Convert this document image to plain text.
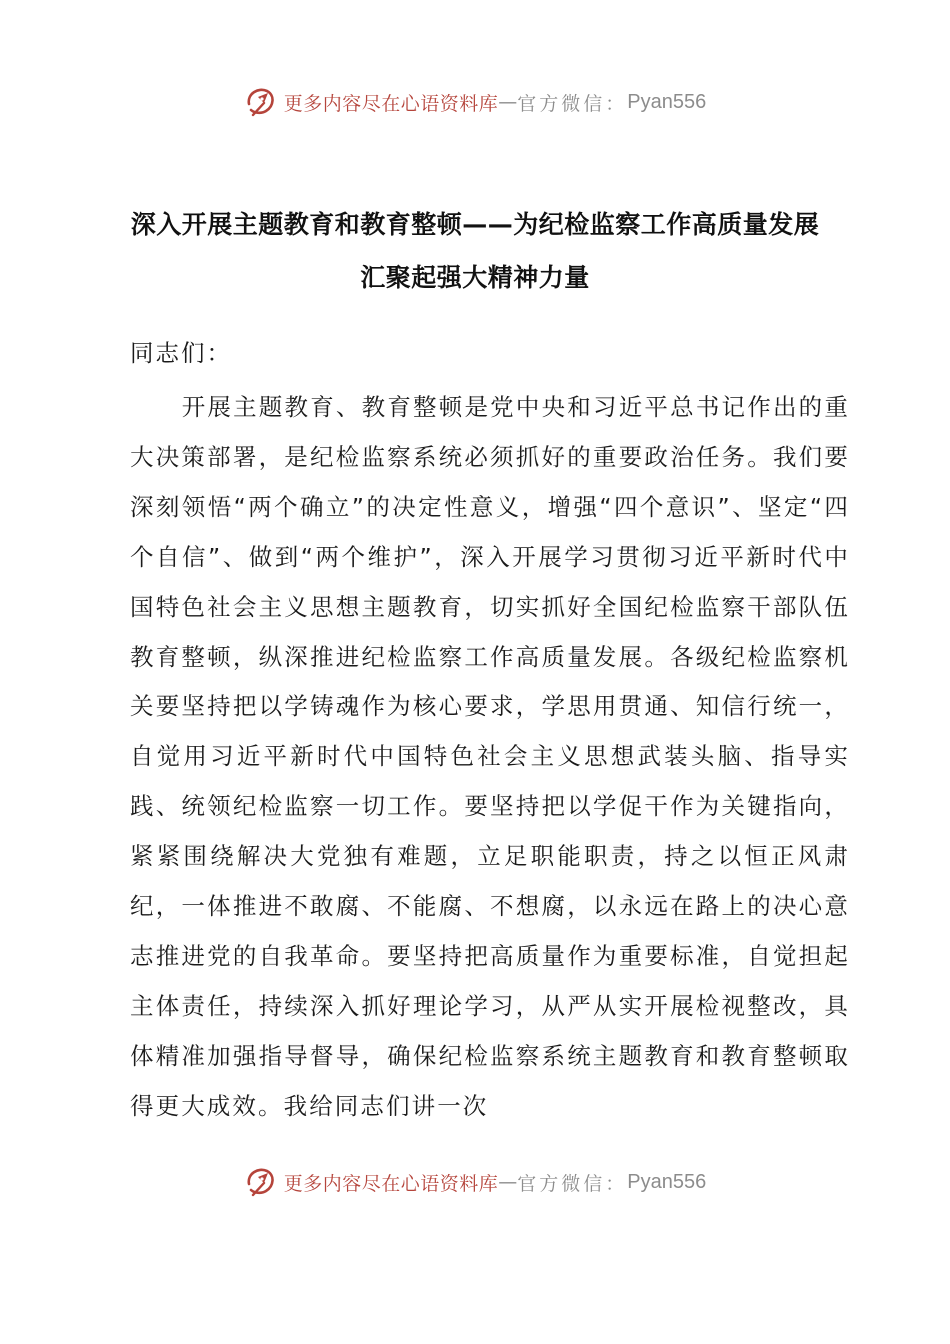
更多内容尽在心语资料库 — 官方微信： Pyan556
深入开展主题教育和教育整顿——为纪检监察工作高质量发展
汇聚起强大精神力量
同志们：
开展主题教育、教育整顿是党中央和习近平总书记作出的重大决策部署，是纪检监察系统必须抓好的重要政治任务。我们要深刻领悟“两个确立”的决定性意义，增强“四个意识”、坚定“四个自信”、做到“两个维护”，深入开展学习贯彻习近平新时代中国特色社会主义思想主题教育，切实抓好全国纪检监察干部队伍教育整顿，纵深推进纪检监察工作高质量发展。各级纪检监察机关要坚持把以学铸魂作为核心要求，学思用贯通、知信行统一，自觉用习近平新时代中国特色社会主义思想武装头脑、指导实践、统领纪检监察一切工作。要坚持把以学促干作为关键指向，紧紧围绕解决大党独有难题，立足职能职责，持之以恒正风肃纪，一体推进不敢腐、不能腐、不想腐，以永远在路上的决心意志推进党的自我革命。要坚持把高质量作为重要标准，自觉担起主体责任，持续深入抓好理论学习，从严从实开展检视整改，具体精准加强指导督导，确保纪检监察系统主题教育和教育整顿取得更大成效。我给同志们讲一次
更多内容尽在心语资料库 — 官方微信： Pyan556
